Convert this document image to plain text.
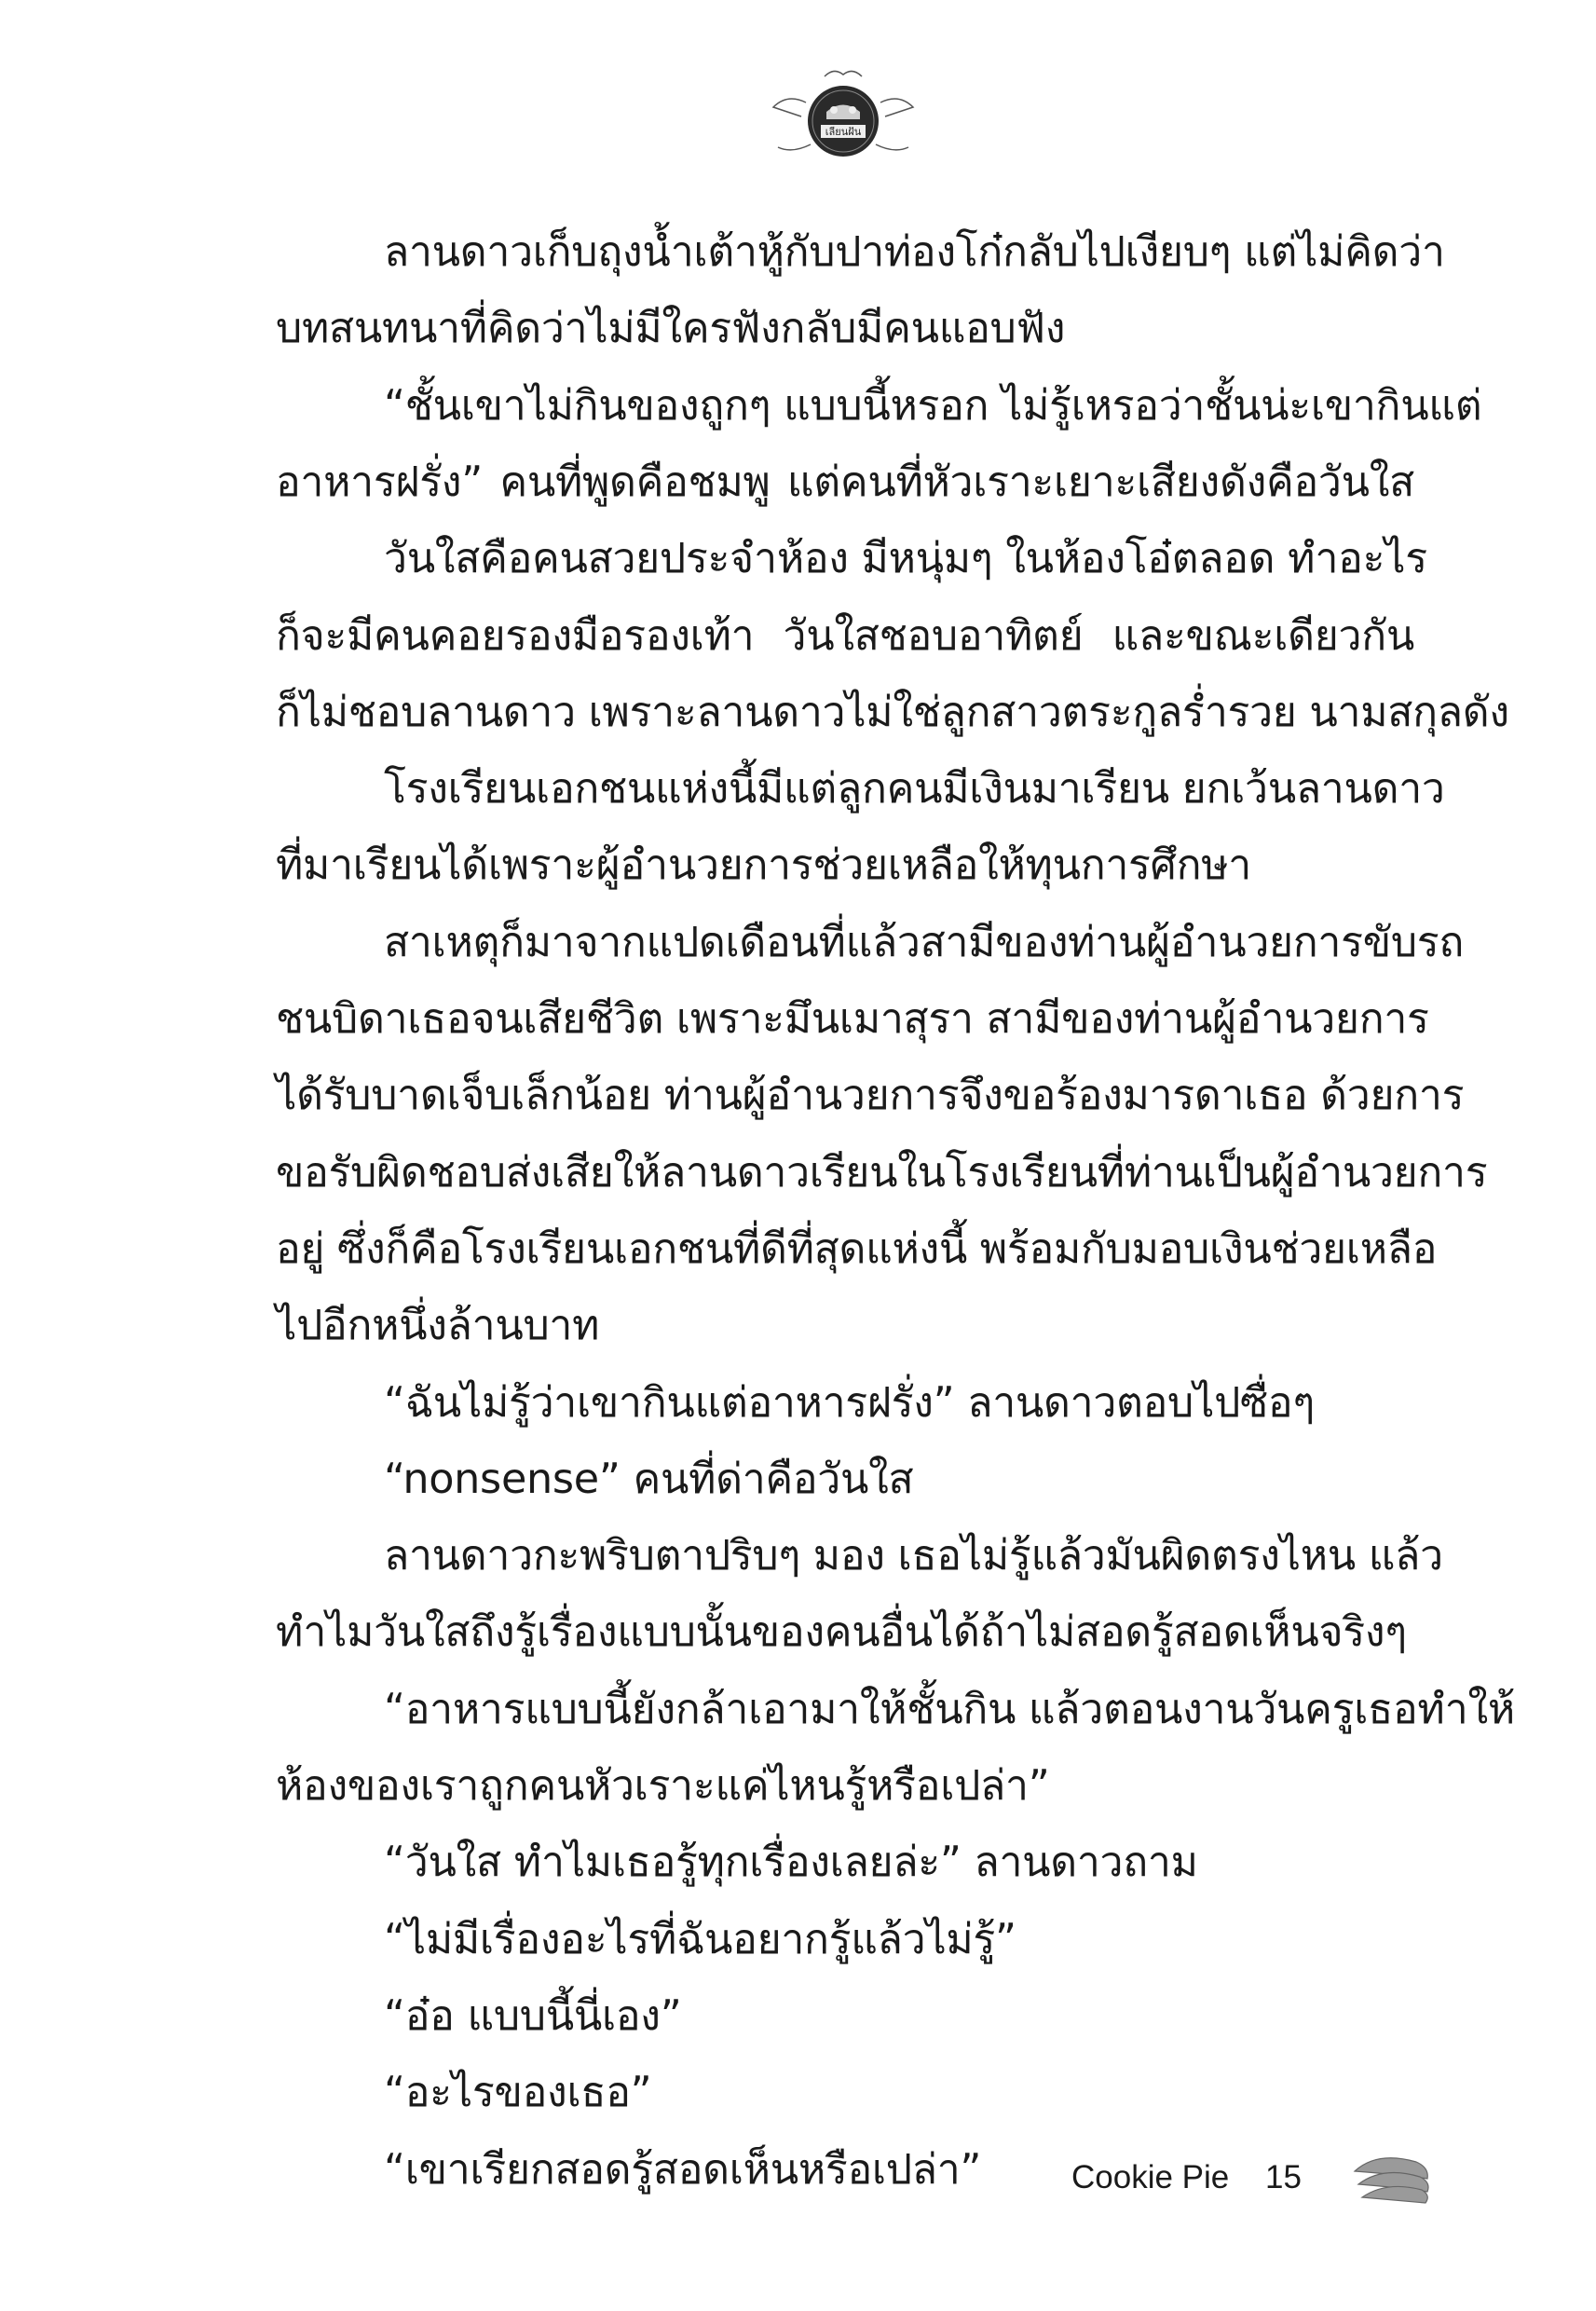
เลียนฝัน
ลานดาวเก็บถุงน้ำเต้าหู้กับปาท่องโก๋กลับไปเงียบๆ แต่ไม่คิดว่า
บทสนทนาที่คิดว่าไม่มีใครฟังกลับมีคนแอบฟัง
“ชั้นเขาไม่กินของถูกๆ แบบนี้หรอก ไม่รู้เหรอว่าชั้นน่ะเขากินแต่
อาหารฝรั่ง” คนที่พูดคือชมพู แต่คนที่หัวเราะเยาะเสียงดังคือวันใส
วันใสคือคนสวยประจำห้อง มีหนุ่มๆ ในห้องโอ๋ตลอด ทำอะไร
ก็จะมีคนคอยรองมือรองเท้า วันใสชอบอาทิตย์ และขณะเดียวกัน
ก็ไม่ชอบลานดาว เพราะลานดาวไม่ใช่ลูกสาวตระกูลร่ำรวย นามสกุลดัง
โรงเรียนเอกชนแห่งนี้มีแต่ลูกคนมีเงินมาเรียน ยกเว้นลานดาว
ที่มาเรียนได้เพราะผู้อำนวยการช่วยเหลือให้ทุนการศึกษา
สาเหตุก็มาจากแปดเดือนที่แล้วสามีของท่านผู้อำนวยการขับรถ
ชนบิดาเธอจนเสียชีวิต เพราะมึนเมาสุรา สามีของท่านผู้อำนวยการ
ได้รับบาดเจ็บเล็กน้อย ท่านผู้อำนวยการจึงขอร้องมารดาเธอ ด้วยการ
ขอรับผิดชอบส่งเสียให้ลานดาวเรียนในโรงเรียนที่ท่านเป็นผู้อำนวยการ
อยู่ ซึ่งก็คือโรงเรียนเอกชนที่ดีที่สุดแห่งนี้ พร้อมกับมอบเงินช่วยเหลือ
ไปอีกหนึ่งล้านบาท
“ฉันไม่รู้ว่าเขากินแต่อาหารฝรั่ง” ลานดาวตอบไปซื่อๆ
“nonsense” คนที่ด่าคือวันใส
ลานดาวกะพริบตาปริบๆ มอง เธอไม่รู้แล้วมันผิดตรงไหน แล้ว
ทำไมวันใสถึงรู้เรื่องแบบนั้นของคนอื่นได้ถ้าไม่สอดรู้สอดเห็นจริงๆ
“อาหารแบบนี้ยังกล้าเอามาให้ชั้นกิน แล้วตอนงานวันครูเธอทำให้
ห้องของเราถูกคนหัวเราะแค่ไหนรู้หรือเปล่า”
“วันใส ทำไมเธอรู้ทุกเรื่องเลยล่ะ” ลานดาวถาม
“ไม่มีเรื่องอะไรที่ฉันอยากรู้แล้วไม่รู้”
“อ๋อ แบบนี้นี่เอง”
“อะไรของเธอ”
“เขาเรียกสอดรู้สอดเห็นหรือเปล่า”	Cookie Pie 15
